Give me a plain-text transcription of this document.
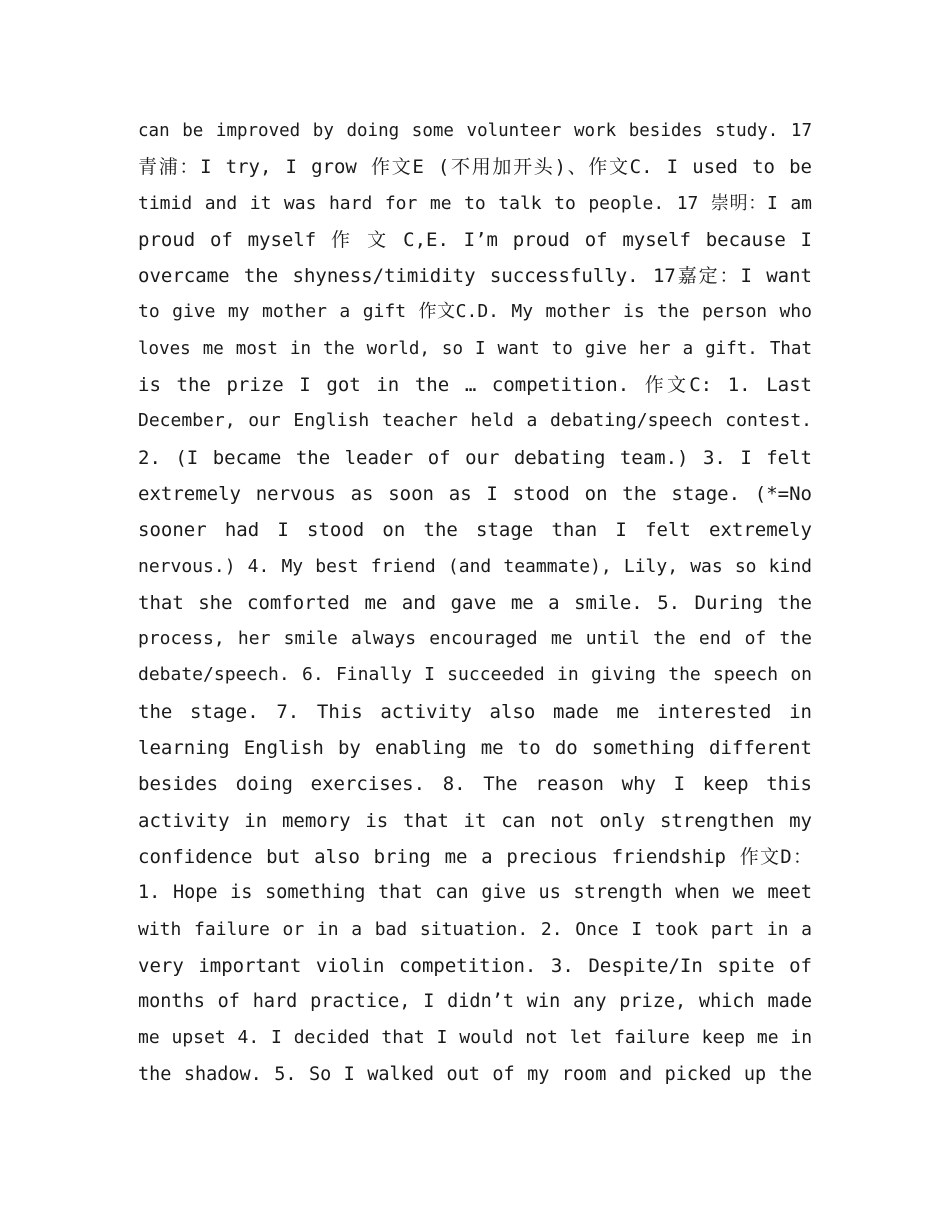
can be improved by doing some volunteer work besides study. 17
青浦：I try, I grow 作文E (不用加开头)、作文C. I used to be
timid and it was hard for me to talk to people. 17 崇明：I am
proud of myself 作 文 C,E. I’m proud of myself because I
overcame the shyness/timidity successfully. 17嘉定：I want
to give my mother a gift 作文C.D. My mother is the person who
loves me most in the world, so I want to give her a gift. That
is the prize I got in the … competition. 作文C: 1. Last
December, our English teacher held a debating/speech contest.
2. (I became the leader of our debating team.) 3. I felt
extremely nervous as soon as I stood on the stage. (*=No
sooner had I stood on the stage than I felt extremely
nervous.) 4. My best friend (and teammate), Lily, was so kind
that she comforted me and gave me a smile. 5. During the
process, her smile always encouraged me until the end of the
debate/speech. 6. Finally I succeeded in giving the speech on
the stage. 7. This activity also made me interested in
learning English by enabling me to do something different
besides doing exercises. 8. The reason why I keep this
activity in memory is that it can not only strengthen my
confidence but also bring me a precious friendship 作文D：
1. Hope is something that can give us strength when we meet
with failure or in a bad situation. 2. Once I took part in a
very important violin competition. 3. Despite/In spite of
months of hard practice, I didn’t win any prize, which made
me upset 4. I decided that I would not let failure keep me in
the shadow. 5. So I walked out of my room and picked up the
